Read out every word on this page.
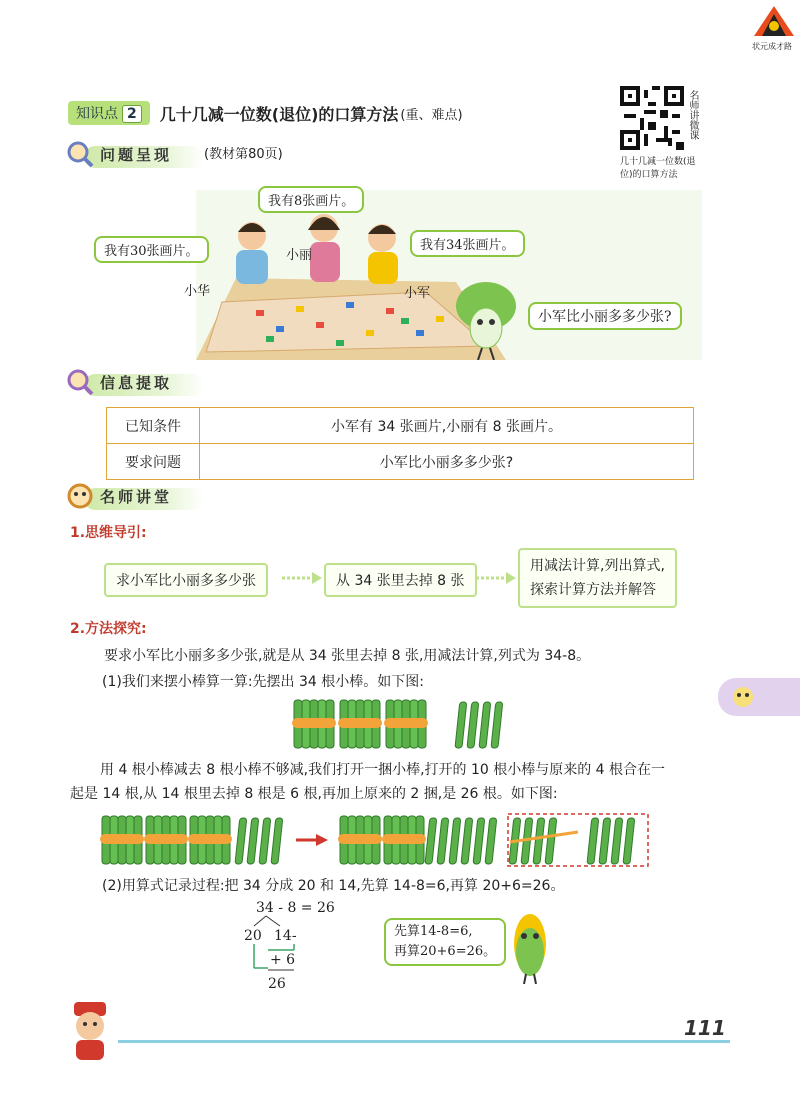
状元成才路
知识点 2	几十几减一位数(退位)的口算方法 (重、难点)	名师讲微课
几十几减一位数(退
位)的口算方法
问题呈现 (教材第80页)
我有8张画片。
我有30张画片。	我有34张画片。
小丽
小华	小军
小军比小丽多多少张?
信息提取
已知条件	小军有 34 张画片,小丽有 8 张画片。
要求问题	小军比小丽多多少张?
名师讲堂
1.思维导引:
求小军比小丽多多少张	从 34 张里去掉 8 张
用减法计算,列出算式,
探索计算方法并解答
2.方法探究:
要求小军比小丽多多少张,就是从 34 张里去掉 8 张,用减法计算,列式为 34-8。
(1)我们来摆小棒算一算:先摆出 34 根小棒。如下图:
用 4 根小棒减去 8 根小棒不够减,我们打开一捆小棒,打开的 10 根小棒与原来的 4 根合在一
起是 14 根,从 14 根里去掉 8 根是 6 根,再加上原来的 2 捆,是 26 根。如下图:
(2)用算式记录过程:把 34 分成 20 和 14,先算 14-8=6,再算 20+6=26。
34 - 8 = 26
20 14-
+ 6
26
先算14-8=6,
再算20+6=26。
111
